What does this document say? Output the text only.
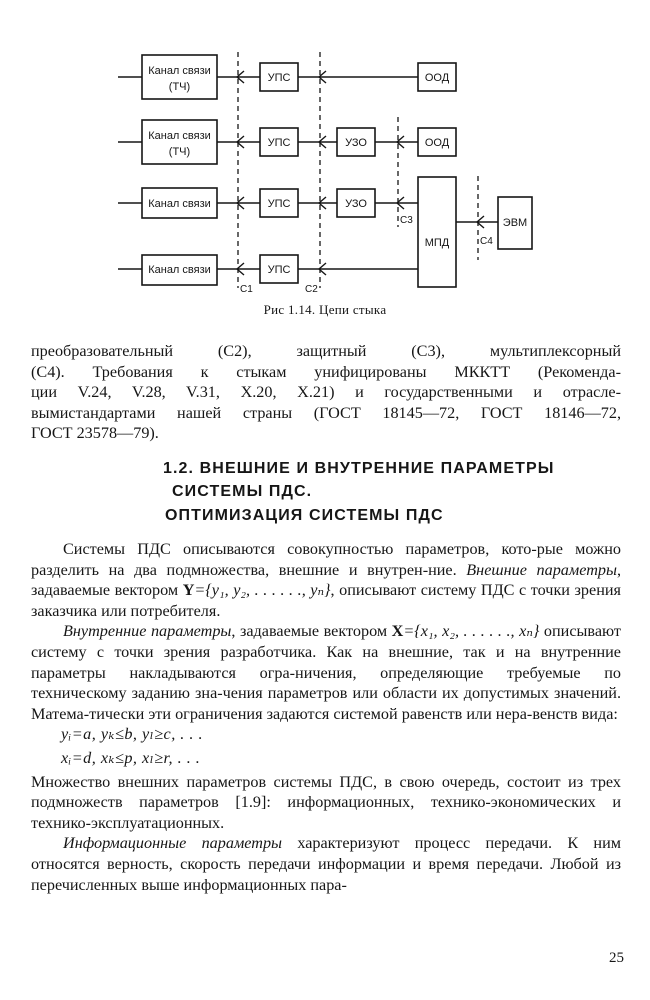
Канал связи
(ТЧ)
Канал связи
(ТЧ)
Канал связи
Канал связи
УПС
УПС
УПС
УПС
ООД
ООД
УЗО
УЗО
МПД
ЭВМ
C1	C2
C3
C4
Рис 1.14. Цепи стыка

преобразовательный (С2), защитный (С3), мультиплексорный

(С4). Требования к стыкам унифицированы МККТТ (Рекоменда-

ции V.24, V.28, V.31, X.20, X.21) и государственными и отрасле-

вымистандартами нашей страны (ГОСТ 18145—72, ГОСТ 18146—72,

ГОСТ 23578—79).

1.2. ВНЕШНИЕ И ВНУТРЕННИЕ ПАРАМЕТРЫ
СИСТЕМЫ ПДС.
ОПТИМИЗАЦИЯ СИСТЕМЫ ПДС

Системы ПДС описываются совокупностью параметров, кото-рые можно разделить на два подмножества, внешние и внутрен-ние. Внешние параметры, задаваемые вектором Y={y₁, y₂, . . . . . ., yₙ}, описывают систему ПДС с точки зрения заказчика или потребителя.

Внутренние параметры, задаваемые вектором X={x₁, x₂, . . . . . ., xₙ} описывают систему с точки зрения разработчика. Как на внешние, так и на внутренние параметры накладываются огра-ничения, определяющие требуемые по техническому заданию зна-чения параметров или области их допустимых значений. Матема-тически эти ограничения задаются системой равенств или нера-венств вида:

yᵢ=a, yₖ≤b, yₗ≥c, . . .

xᵢ=d, xₖ≤p, xₗ≥r, . . .

Множество внешних параметров системы ПДС, в свою очередь, состоит из трех подмножеств параметров [1.9]: информационных, технико-экономических и технико-эксплуатационных.

Информационные параметры характеризуют процесс передачи. К ним относятся верность, скорость передачи информации и время передачи. Любой из перечисленных выше информационных пара-

25
